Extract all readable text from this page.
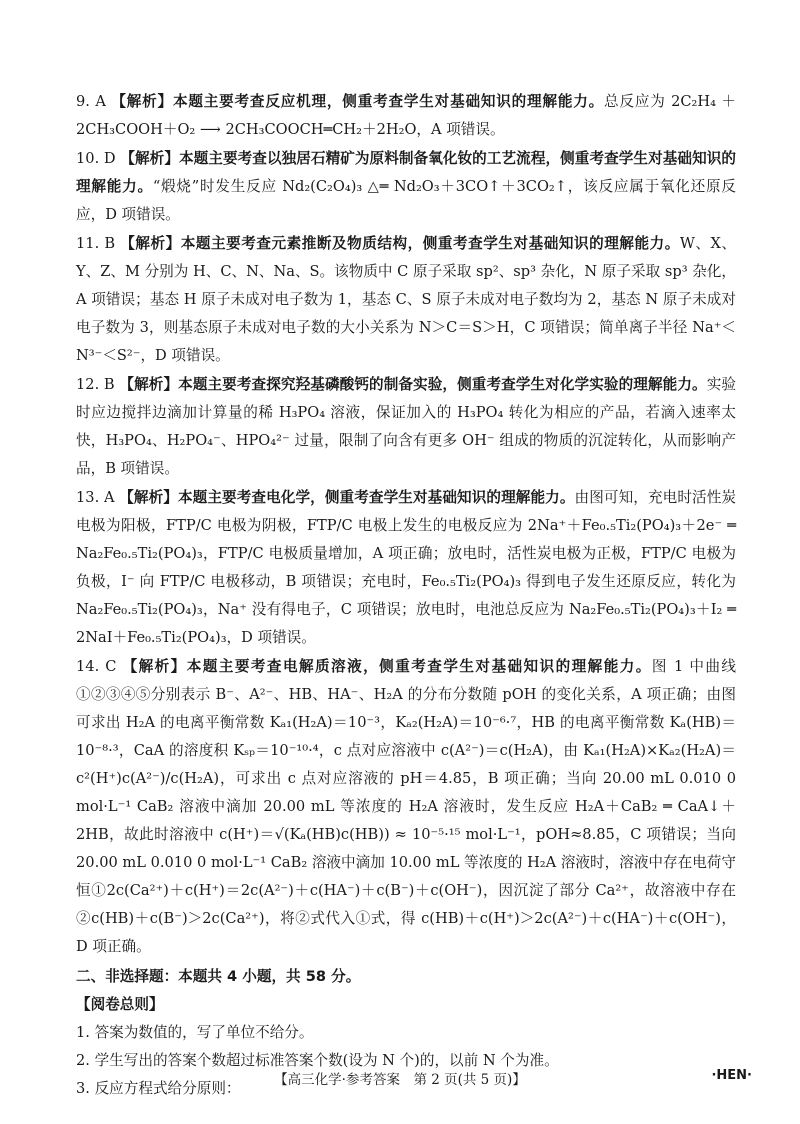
9. A 【解析】本题主要考查反应机理，侧重考查学生对基础知识的理解能力。总反应为 2C₂H₄ ＋2CH₃COOH＋O₂ ⟶ 2CH₃COOCH═CH₂＋2H₂O，A 项错误。
10. D 【解析】本题主要考查以独居石精矿为原料制备氧化钕的工艺流程，侧重考查学生对基础知识的理解能力。“煅烧”时发生反应 Nd₂(C₂O₄)₃ △═ Nd₂O₃＋3CO↑＋3CO₂↑，该反应属于氧化还原反应，D 项错误。
11. B 【解析】本题主要考查元素推断及物质结构，侧重考查学生对基础知识的理解能力。W、X、Y、Z、M 分别为 H、C、N、Na、S。该物质中 C 原子采取 sp²、sp³ 杂化，N 原子采取 sp³ 杂化，A 项错误；基态 H 原子未成对电子数为 1，基态 C、S 原子未成对电子数均为 2，基态 N 原子未成对电子数为 3，则基态原子未成对电子数的大小关系为 N＞C＝S＞H，C 项错误；简单离子半径 Na⁺＜N³⁻＜S²⁻，D 项错误。
12. B 【解析】本题主要考查探究羟基磷酸钙的制备实验，侧重考查学生对化学实验的理解能力。实验时应边搅拌边滴加计算量的稀 H₃PO₄ 溶液，保证加入的 H₃PO₄ 转化为相应的产品，若滴入速率太快，H₃PO₄、H₂PO₄⁻、HPO₄²⁻ 过量，限制了向含有更多 OH⁻ 组成的物质的沉淀转化，从而影响产品，B 项错误。
13. A 【解析】本题主要考查电化学，侧重考查学生对基础知识的理解能力。由图可知，充电时活性炭电极为阳极，FTP/C 电极为阴极，FTP/C 电极上发生的电极反应为 2Na⁺＋Fe₀.₅Ti₂(PO₄)₃＋2e⁻ ═ Na₂Fe₀.₅Ti₂(PO₄)₃，FTP/C 电极质量增加，A 项正确；放电时，活性炭电极为正极，FTP/C 电极为负极，I⁻ 向 FTP/C 电极移动，B 项错误；充电时，Fe₀.₅Ti₂(PO₄)₃ 得到电子发生还原反应，转化为 Na₂Fe₀.₅Ti₂(PO₄)₃，Na⁺ 没有得电子，C 项错误；放电时，电池总反应为 Na₂Fe₀.₅Ti₂(PO₄)₃＋I₂ ═ 2NaI＋Fe₀.₅Ti₂(PO₄)₃，D 项错误。
14. C 【解析】本题主要考查电解质溶液，侧重考查学生对基础知识的理解能力。图 1 中曲线①②③④⑤分别表示 B⁻、A²⁻、HB、HA⁻、H₂A 的分布分数随 pOH 的变化关系，A 项正确；由图可求出 H₂A 的电离平衡常数 Kₐ₁(H₂A)＝10⁻³，Kₐ₂(H₂A)＝10⁻⁶·⁷，HB 的电离平衡常数 Kₐ(HB)＝10⁻⁸·³，CaA 的溶度积 Kₛₚ＝10⁻¹⁰·⁴，c 点对应溶液中 c(A²⁻)＝c(H₂A)，由 Kₐ₁(H₂A)×Kₐ₂(H₂A)＝c²(H⁺)c(A²⁻)/c(H₂A)，可求出 c 点对应溶液的 pH＝4.85，B 项正确；当向 20.00 mL 0.010 0 mol·L⁻¹ CaB₂ 溶液中滴加 20.00 mL 等浓度的 H₂A 溶液时，发生反应 H₂A＋CaB₂ ═ CaA↓＋2HB，故此时溶液中 c(H⁺)＝√(Kₐ(HB)c(HB)) ≈ 10⁻⁵·¹⁵ mol·L⁻¹，pOH≈8.85，C 项错误；当向 20.00 mL 0.010 0 mol·L⁻¹ CaB₂ 溶液中滴加 10.00 mL 等浓度的 H₂A 溶液时，溶液中存在电荷守恒①2c(Ca²⁺)＋c(H⁺)＝2c(A²⁻)＋c(HA⁻)＋c(B⁻)＋c(OH⁻)，因沉淀了部分 Ca²⁺，故溶液中存在②c(HB)＋c(B⁻)＞2c(Ca²⁺)，将②式代入①式，得 c(HB)＋c(H⁺)＞2c(A²⁻)＋c(HA⁻)＋c(OH⁻)，D 项正确。
二、非选择题：本题共 4 小题，共 58 分。
【阅卷总则】
1. 答案为数值的，写了单位不给分。
2. 学生写出的答案个数超过标准答案个数(设为 N 个)的，以前 N 个为准。
3. 反应方程式给分原则：	【高三化学·参考答案　第 2 页(共 5 页)】	·HEN·
